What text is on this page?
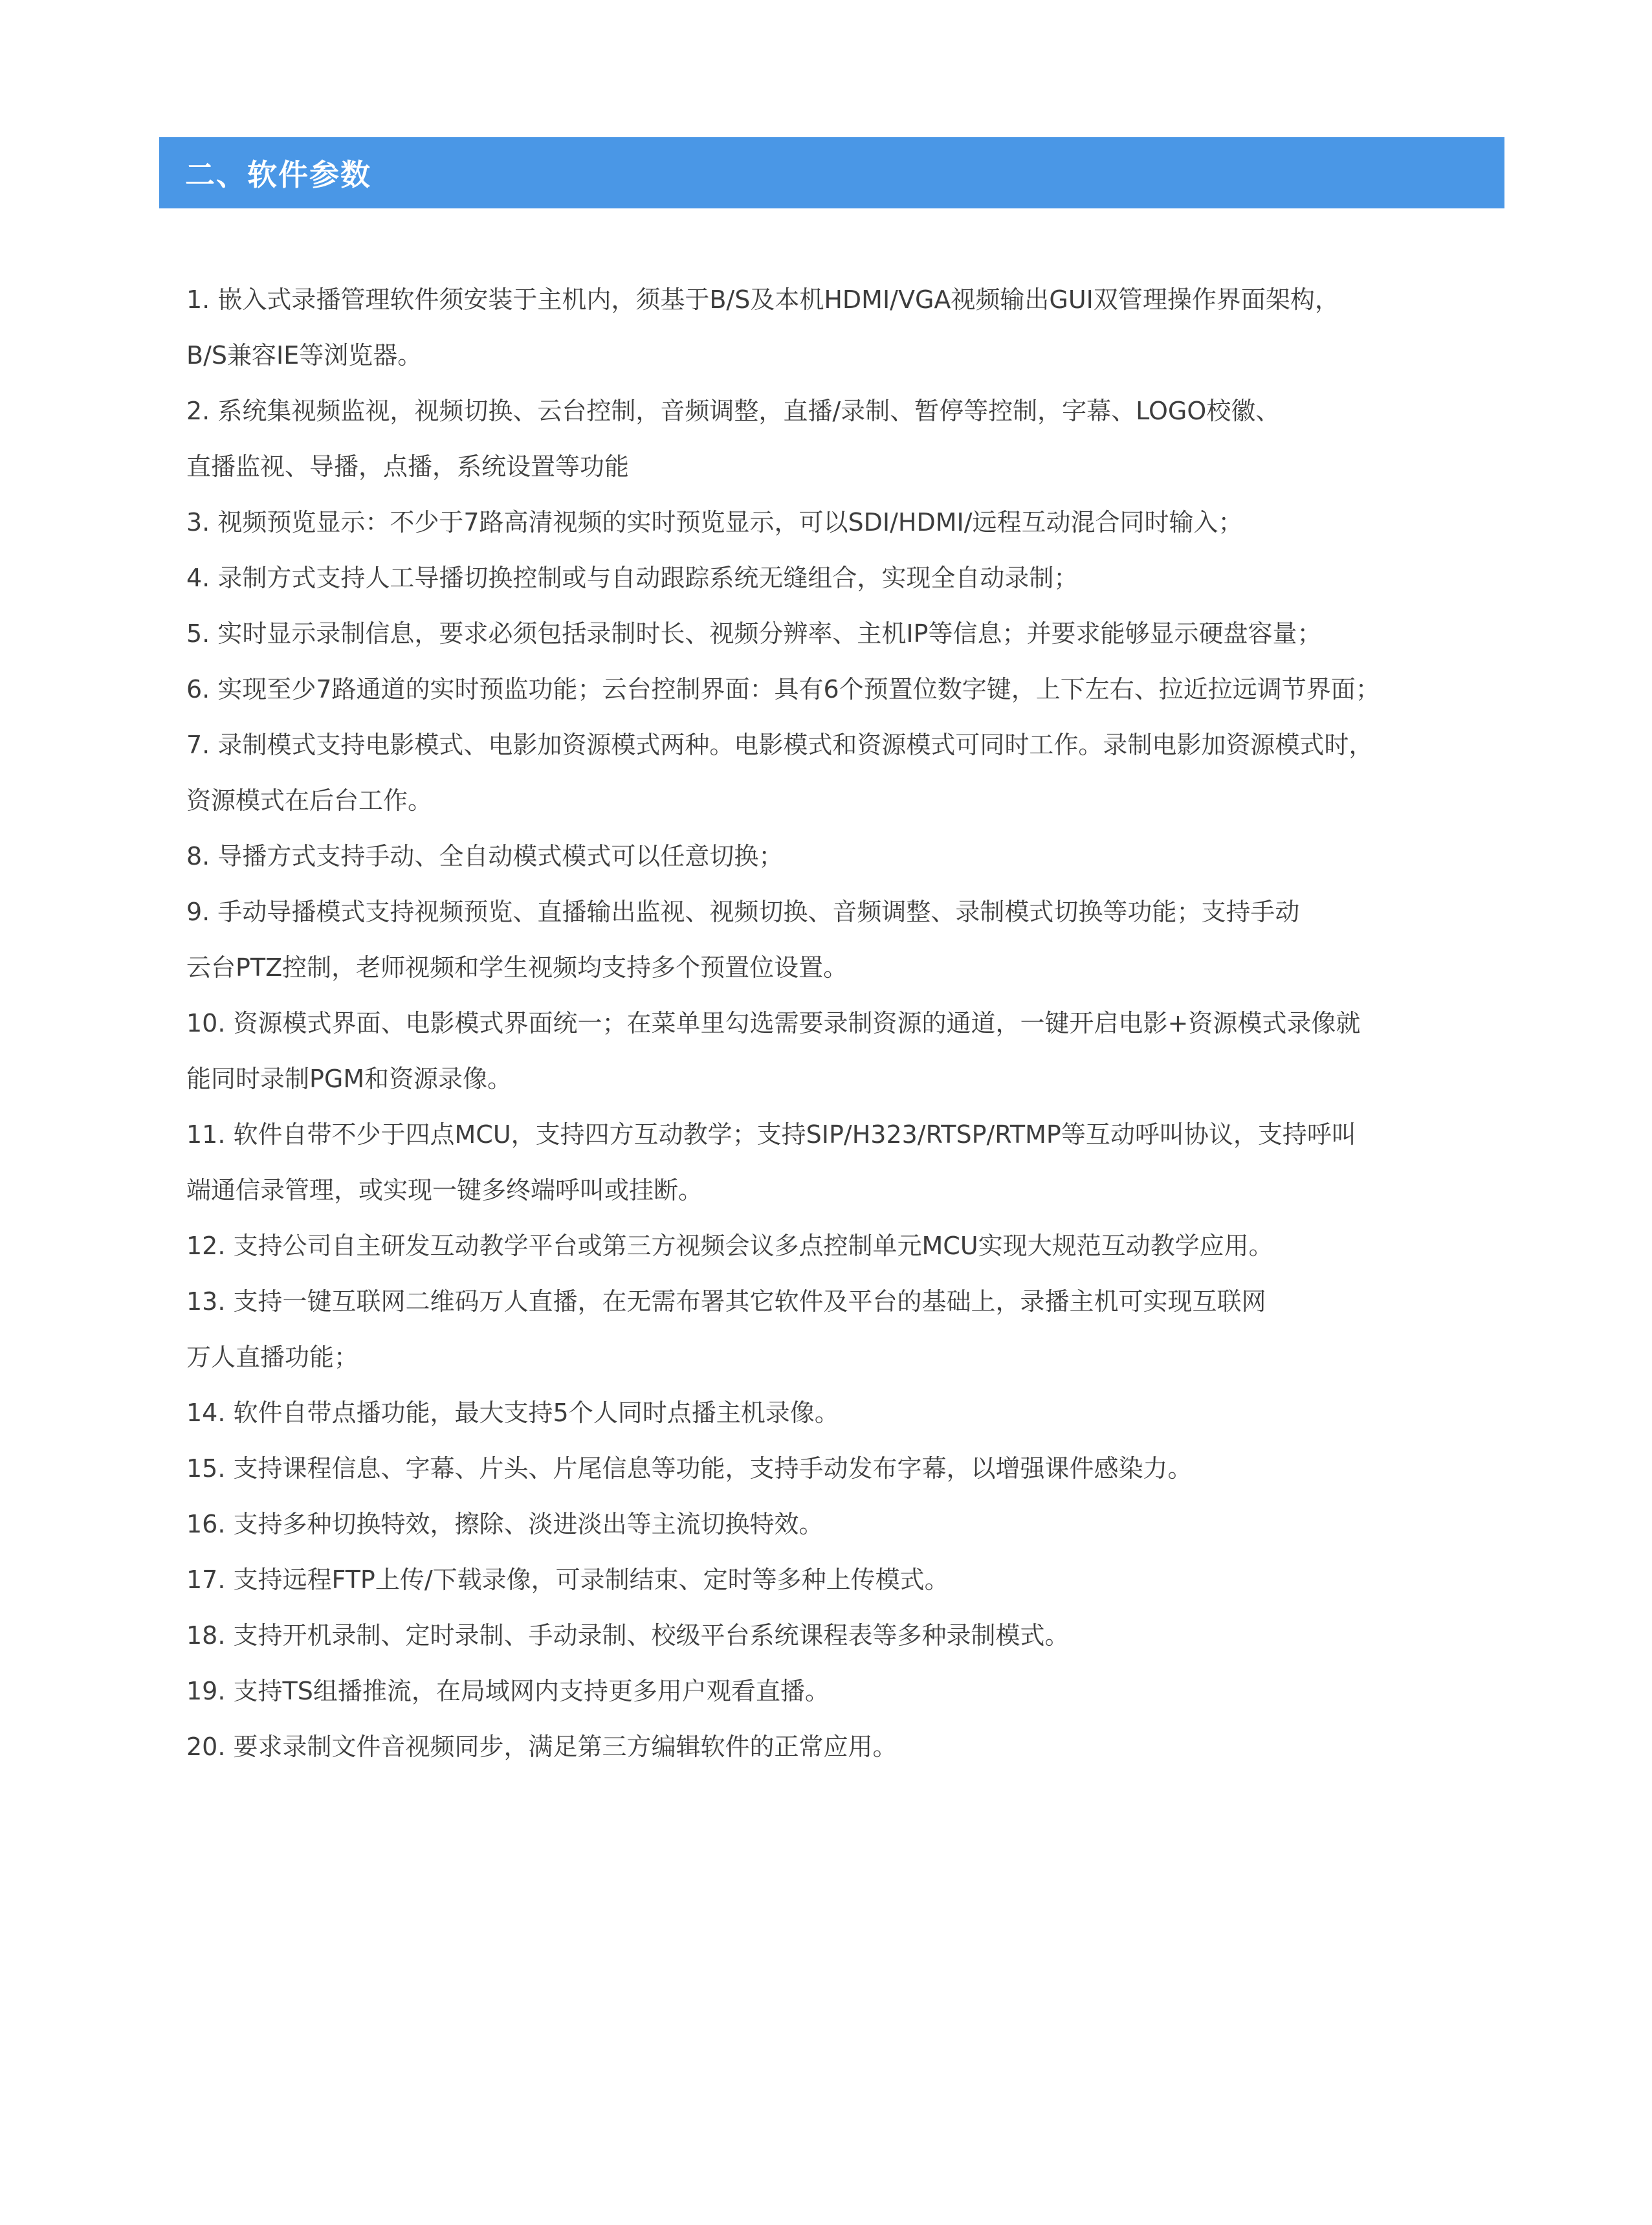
二、软件参数
1. 嵌入式录播管理软件须安装于主机内，须基于B/S及本机HDMI/VGA视频输出GUI双管理操作界面架构，
B/S兼容IE等浏览器。
2. 系统集视频监视，视频切换、云台控制，音频调整，直播/录制、暂停等控制，字幕、LOGO校徽、
直播监视、导播，点播，系统设置等功能
3. 视频预览显示：不少于7路高清视频的实时预览显示，可以SDI/HDMI/远程互动混合同时输入；
4. 录制方式支持人工导播切换控制或与自动跟踪系统无缝组合，实现全自动录制；
5. 实时显示录制信息，要求必须包括录制时长、视频分辨率、主机IP等信息；并要求能够显示硬盘容量；
6. 实现至少7路通道的实时预监功能；云台控制界面：具有6个预置位数字键，上下左右、拉近拉远调节界面；
7. 录制模式支持电影模式、电影加资源模式两种。电影模式和资源模式可同时工作。录制电影加资源模式时，
资源模式在后台工作。
8. 导播方式支持手动、全自动模式模式可以任意切换；
9. 手动导播模式支持视频预览、直播输出监视、视频切换、音频调整、录制模式切换等功能；支持手动
云台PTZ控制，老师视频和学生视频均支持多个预置位设置。
10. 资源模式界面、电影模式界面统一；在菜单里勾选需要录制资源的通道，一键开启电影+资源模式录像就
能同时录制PGM和资源录像。
11. 软件自带不少于四点MCU，支持四方互动教学；支持SIP/H323/RTSP/RTMP等互动呼叫协议，支持呼叫
端通信录管理，或实现一键多终端呼叫或挂断。
12. 支持公司自主研发互动教学平台或第三方视频会议多点控制单元MCU实现大规范互动教学应用。
13. 支持一键互联网二维码万人直播，在无需布署其它软件及平台的基础上，录播主机可实现互联网
万人直播功能；
14. 软件自带点播功能，最大支持5个人同时点播主机录像。
15. 支持课程信息、字幕、片头、片尾信息等功能，支持手动发布字幕，以增强课件感染力。
16. 支持多种切换特效，擦除、淡进淡出等主流切换特效。
17. 支持远程FTP上传/下载录像，可录制结束、定时等多种上传模式。
18. 支持开机录制、定时录制、手动录制、校级平台系统课程表等多种录制模式。
19. 支持TS组播推流，在局域网内支持更多用户观看直播。
20. 要求录制文件音视频同步，满足第三方编辑软件的正常应用。
